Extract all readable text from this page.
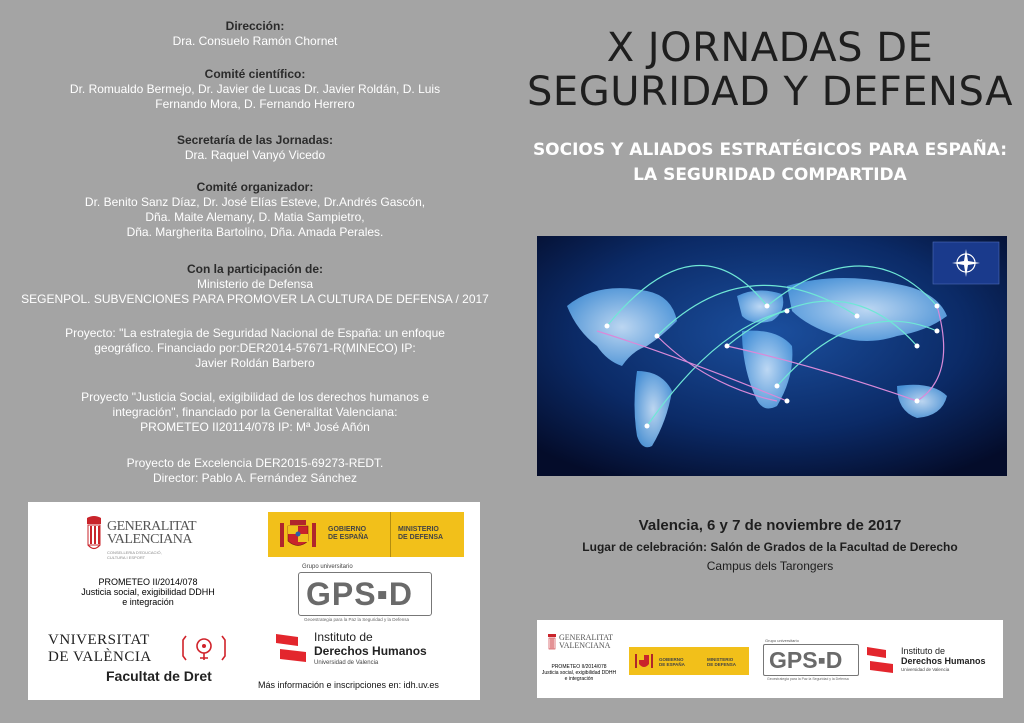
Dirección:
Dra. Consuelo Ramón Chornet
Comité científico:
Dr. Romualdo Bermejo, Dr. Javier de Lucas Dr. Javier Roldán, D. Luis
Fernando Mora, D. Fernando Herrero
Secretaría de las Jornadas:
Dra. Raquel Vanyó Vicedo
Comité organizador:
Dr. Benito Sanz Díaz, Dr. José Elías Esteve, Dr.Andrés Gascón,
Dña. Maite Alemany, D. Matia Sampietro,
Dña. Margherita Bartolino, Dña. Amada Perales.
Con la participación de:
Ministerio de Defensa
SEGENPOL. SUBVENCIONES PARA PROMOVER LA CULTURA DE DEFENSA / 2017
Proyecto: "La estrategia de Seguridad Nacional de España: un enfoque
geográfico. Financiado por:DER2014-57671-R(MINECO) IP:
Javier Roldán Barbero
Proyecto "Justicia Social, exigibilidad de los derechos humanos e
integración", financiado por la Generalitat Valenciana:
PROMETEO II20114/078 IP: Mª José Añón
Proyecto de Excelencia DER2015-69273-REDT.
Director: Pablo A. Fernández Sánchez
GENERALITAT
VALENCIANA
CONSELLERIA D'EDUCACIÓ, CULTURA I ESPORT
PROMETEO II/2014/078
Justicia social, exigibilidad DDHH
e integración
GOBIERNO
DE ESPAÑA
MINISTERIO
DE DEFENSA
Grupo universitario
GPS▪D
Geoestrategia para la Paz la Seguridad y la Defensa
VNIVERSITAT
DE VALÈNCIA
Facultat de Dret
Instituto de
Derechos Humanos
Universidad de Valencia
Más información e inscripciones en: idh.uv.es
X JORNADAS DE
SEGURIDAD Y DEFENSA
SOCIOS Y ALIADOS ESTRATÉGICOS PARA ESPAÑA:
LA SEGURIDAD COMPARTIDA
Valencia, 6 y 7 de noviembre de 2017
Lugar de celebración: Salón de Grados de la Facultad de Derecho
Campus dels Tarongers
GENERALITAT
VALENCIANA
PROMETEO II/2014/078
Justicia social, exigibilidad DDHH
e integración
GOBIERNO
DE ESPAÑA
MINISTERIO
DE DEFENSA
Grupo universitario
GPS▪D
Geoestrategia para la Paz la Seguridad y la Defensa
Instituto de
Derechos Humanos
Universidad de Valencia
